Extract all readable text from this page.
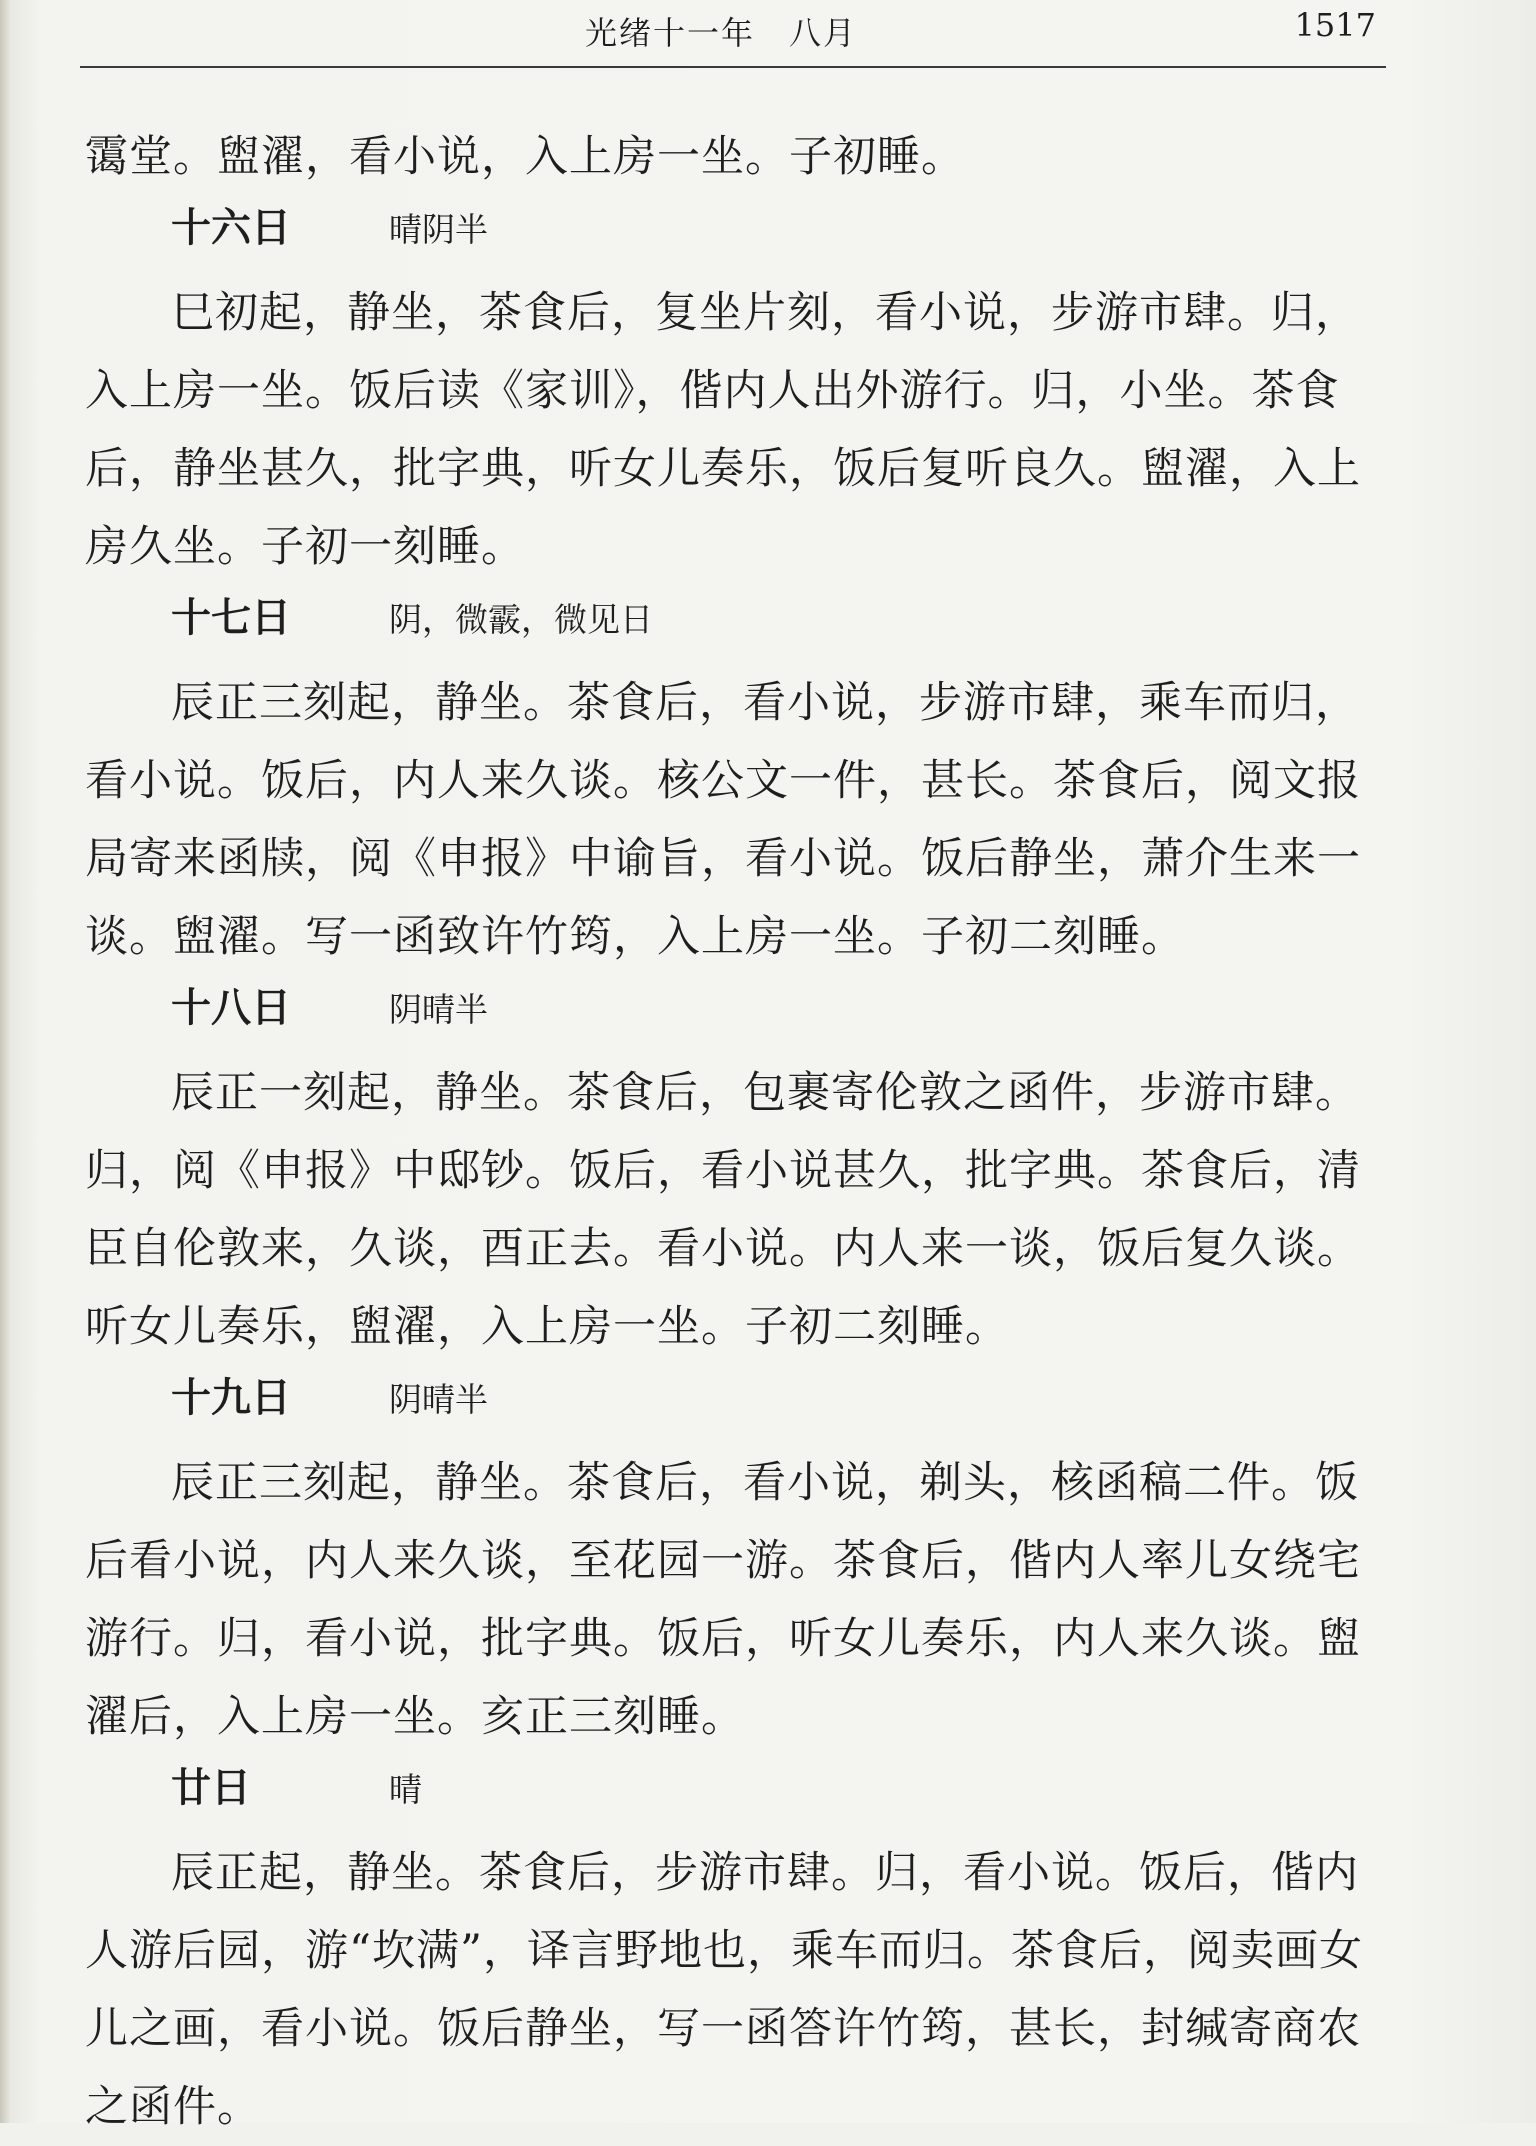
光绪十一年　八月	1517

霭堂。盥濯，看小说，入上房一坐。子初睡。

十六日	晴阴半

巳初起，静坐，茶食后，复坐片刻，看小说，步游市肆。归，入上房一坐。饭后读《家训》，偕内人出外游行。归，小坐。茶食后，静坐甚久，批字典，听女儿奏乐，饭后复听良久。盥濯，入上房久坐。子初一刻睡。

十七日	阴，微霰，微见日

辰正三刻起，静坐。茶食后，看小说，步游市肆，乘车而归，看小说。饭后，内人来久谈。核公文一件，甚长。茶食后，阅文报局寄来函牍，阅《申报》中谕旨，看小说。饭后静坐，萧介生来一谈。盥濯。写一函致许竹筠，入上房一坐。子初二刻睡。

十八日	阴晴半

辰正一刻起，静坐。茶食后，包裹寄伦敦之函件，步游市肆。归，阅《申报》中邸钞。饭后，看小说甚久，批字典。茶食后，清臣自伦敦来，久谈，酉正去。看小说。内人来一谈，饭后复久谈。听女儿奏乐，盥濯，入上房一坐。子初二刻睡。

十九日	阴晴半

辰正三刻起，静坐。茶食后，看小说，剃头，核函稿二件。饭后看小说，内人来久谈，至花园一游。茶食后，偕内人率儿女绕宅游行。归，看小说，批字典。饭后，听女儿奏乐，内人来久谈。盥濯后，入上房一坐。亥正三刻睡。

廿日	晴

辰正起，静坐。茶食后，步游市肆。归，看小说。饭后，偕内人游后园，游“坎满”，译言野地也，乘车而归。茶食后，阅卖画女儿之画，看小说。饭后静坐，写一函答许竹筠，甚长，封缄寄商农之函件。
